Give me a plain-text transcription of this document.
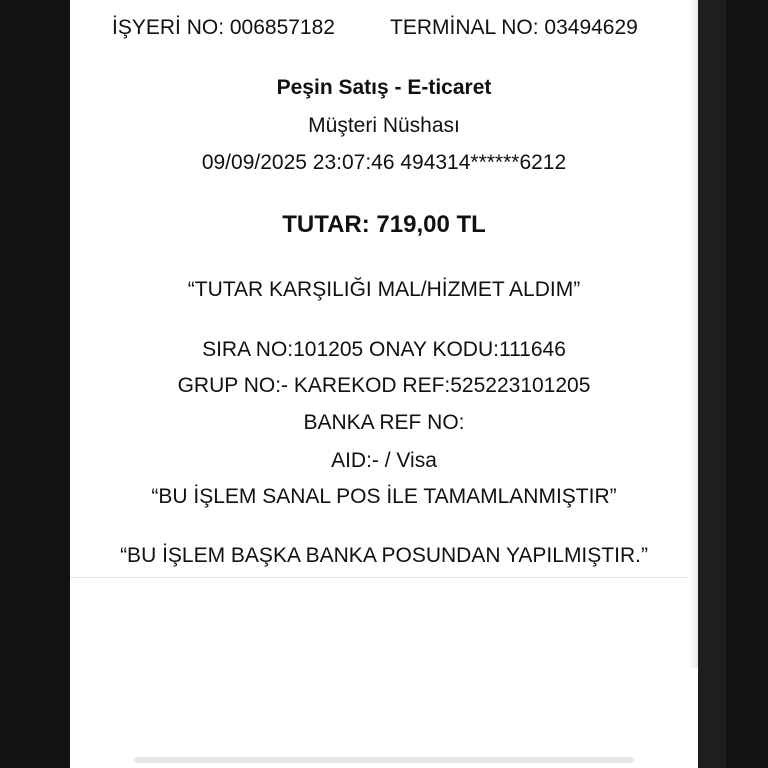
İŞYERİ NO: 006857182	TERMİNAL NO: 03494629
Peşin Satış - E-ticaret
Müşteri Nüshası
09/09/2025 23:07:46 494314******6212
TUTAR: 719,00 TL
“TUTAR KARŞILIĞI MAL/HİZMET ALDIM”
SIRA NO:101205 ONAY KODU:111646
GRUP NO:- KAREKOD REF:525223101205
BANKA REF NO:
AID:- / Visa
“BU İŞLEM SANAL POS İLE TAMAMLANMIŞTIR”
“BU İŞLEM BAŞKA BANKA POSUNDAN YAPILMIŞTIR.”
